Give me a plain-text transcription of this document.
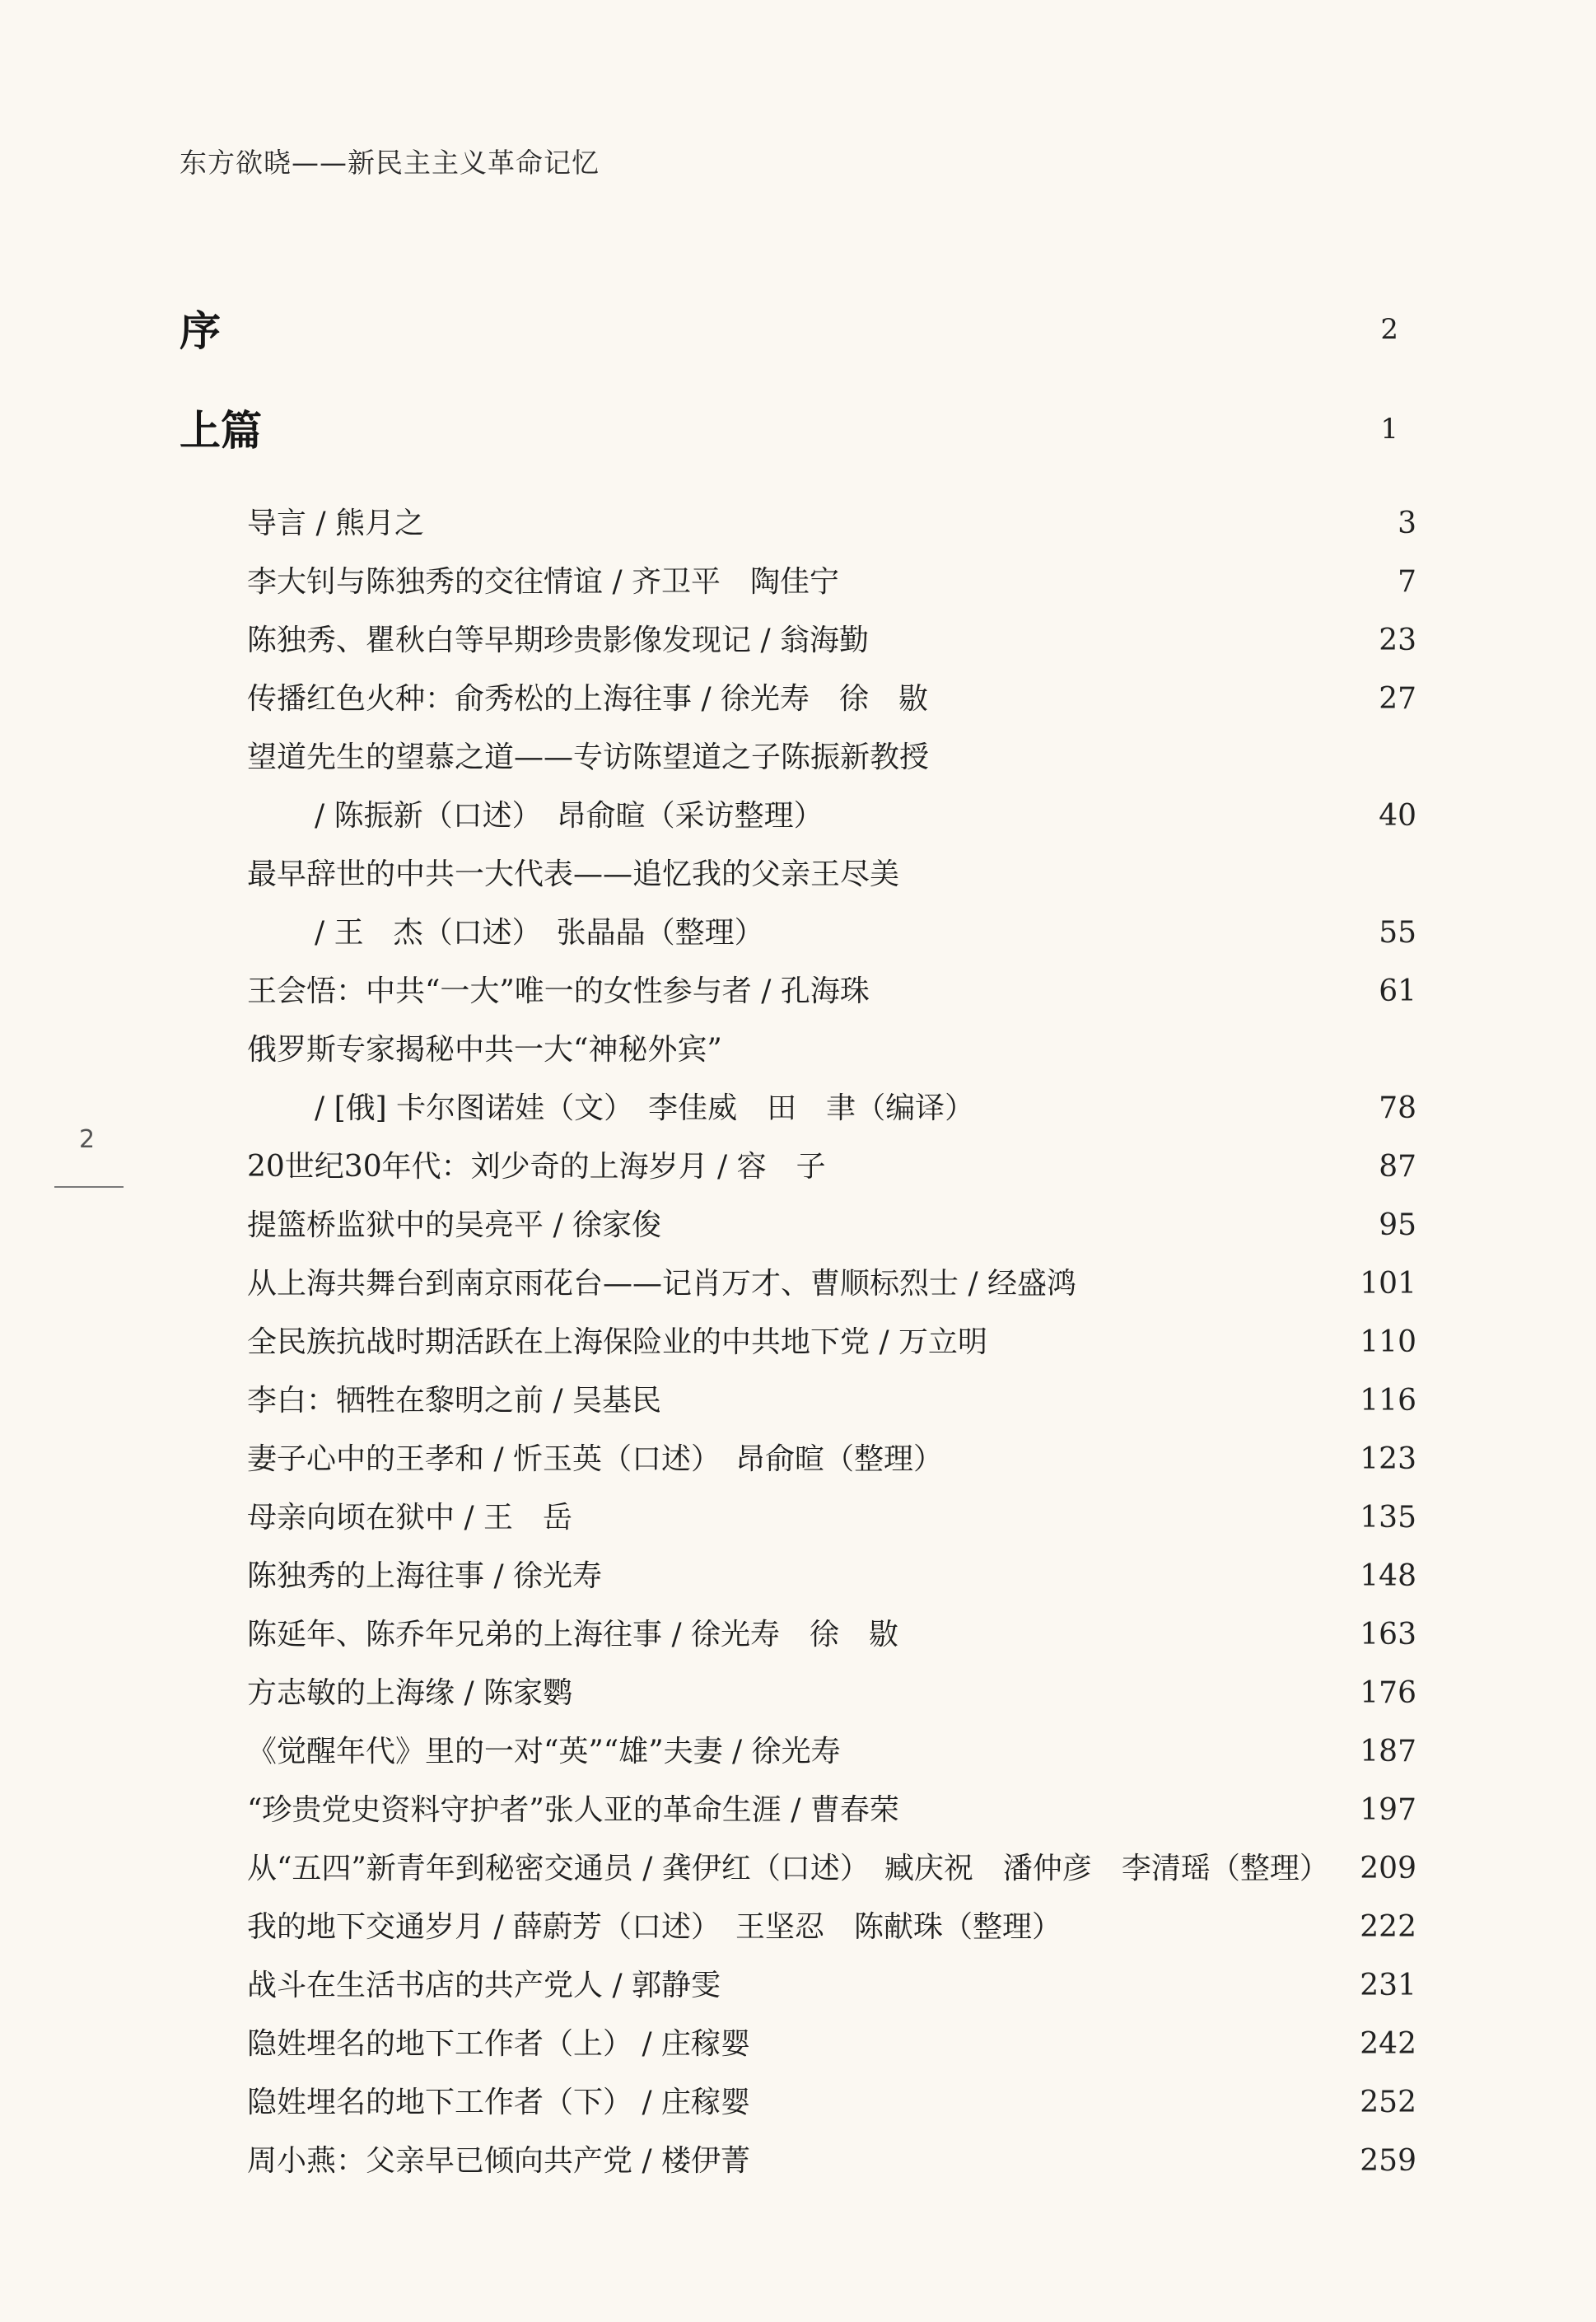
东方欲晓——新民主主义革命记忆
序	2
上篇	1
导言 / 熊月之	3
李大钊与陈独秀的交往情谊 / 齐卫平　陶佳宁	7
陈独秀、瞿秋白等早期珍贵影像发现记 / 翁海勤	23
传播红色火种：俞秀松的上海往事 / 徐光寿　徐　敭	27
望道先生的望慕之道——专访陈望道之子陈振新教授
/ 陈振新（口述）　昂俞暄（采访整理）	40
最早辞世的中共一大代表——追忆我的父亲王尽美
/ 王　杰（口述）　张晶晶（整理）	55
王会悟：中共“一大”唯一的女性参与者 / 孔海珠	61
俄罗斯专家揭秘中共一大“神秘外宾”
/ [俄] 卡尔图诺娃（文）　李佳威　田　聿（编译）	78
20世纪30年代：刘少奇的上海岁月 / 容　子	87
提篮桥监狱中的吴亮平 / 徐家俊	95
从上海共舞台到南京雨花台——记肖万才、曹顺标烈士 / 经盛鸿	101
全民族抗战时期活跃在上海保险业的中共地下党 / 万立明	110
李白：牺牲在黎明之前 / 吴基民	116
妻子心中的王孝和 / 忻玉英（口述）　昂俞暄（整理）	123
母亲向顷在狱中 / 王　岳	135
陈独秀的上海往事 / 徐光寿	148
陈延年、陈乔年兄弟的上海往事 / 徐光寿　徐　敭	163
方志敏的上海缘 / 陈家鹦	176
《觉醒年代》里的一对“英”“雄”夫妻 / 徐光寿	187
“珍贵党史资料守护者”张人亚的革命生涯 / 曹春荣	197
从“五四”新青年到秘密交通员 / 龚伊红（口述）　臧庆祝　潘仲彦　李清瑶（整理） 209
我的地下交通岁月 / 薛蔚芳（口述）　王坚忍　陈献珠（整理）	222
战斗在生活书店的共产党人 / 郭静雯	231
隐姓埋名的地下工作者（上） / 庄稼婴	242
隐姓埋名的地下工作者（下） / 庄稼婴	252
周小燕：父亲早已倾向共产党 / 楼伊菁	259
2
